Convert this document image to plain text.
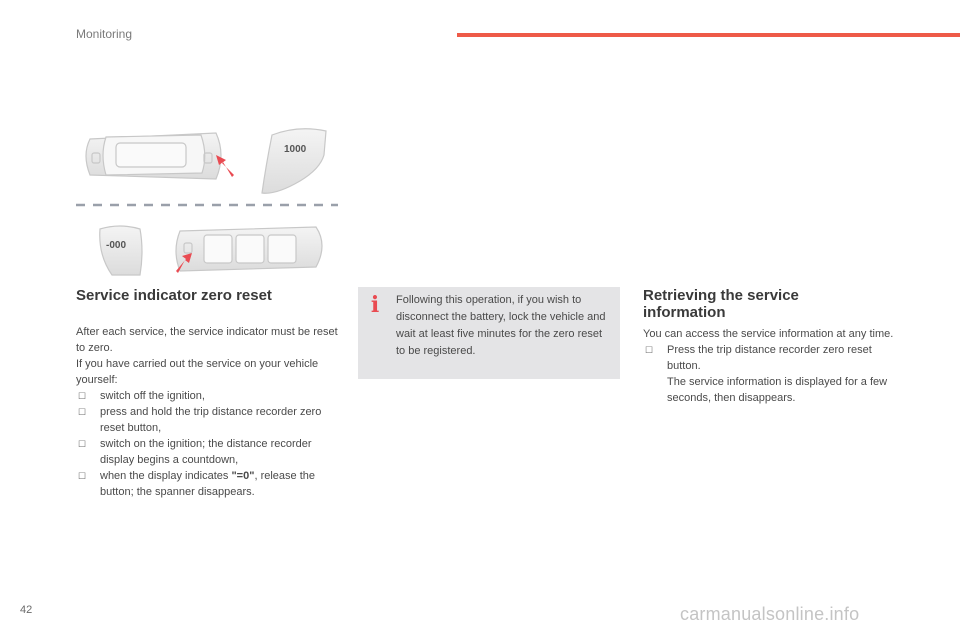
Monitoring
1000
-000
Service indicator zero reset

After each service, the service indicator must be reset to zero.

If you have carried out the service on your vehicle yourself:

☐ switch off the ignition,
☐ press and hold the trip distance recorder zero reset button,
☐ switch on the ignition; the distance recorder display begins a countdown,
☐ when the display indicates "=0", release the button; the spanner disappears.
i Following this operation, if you wish to disconnect the battery, lock the vehicle and wait at least five minutes for the zero reset to be registered.
Retrieving the service
information

You can access the service information at any time.

☐ Press the trip distance recorder zero reset button.
The service information is displayed for a few seconds, then disappears.
42	carmanualsonline.info
